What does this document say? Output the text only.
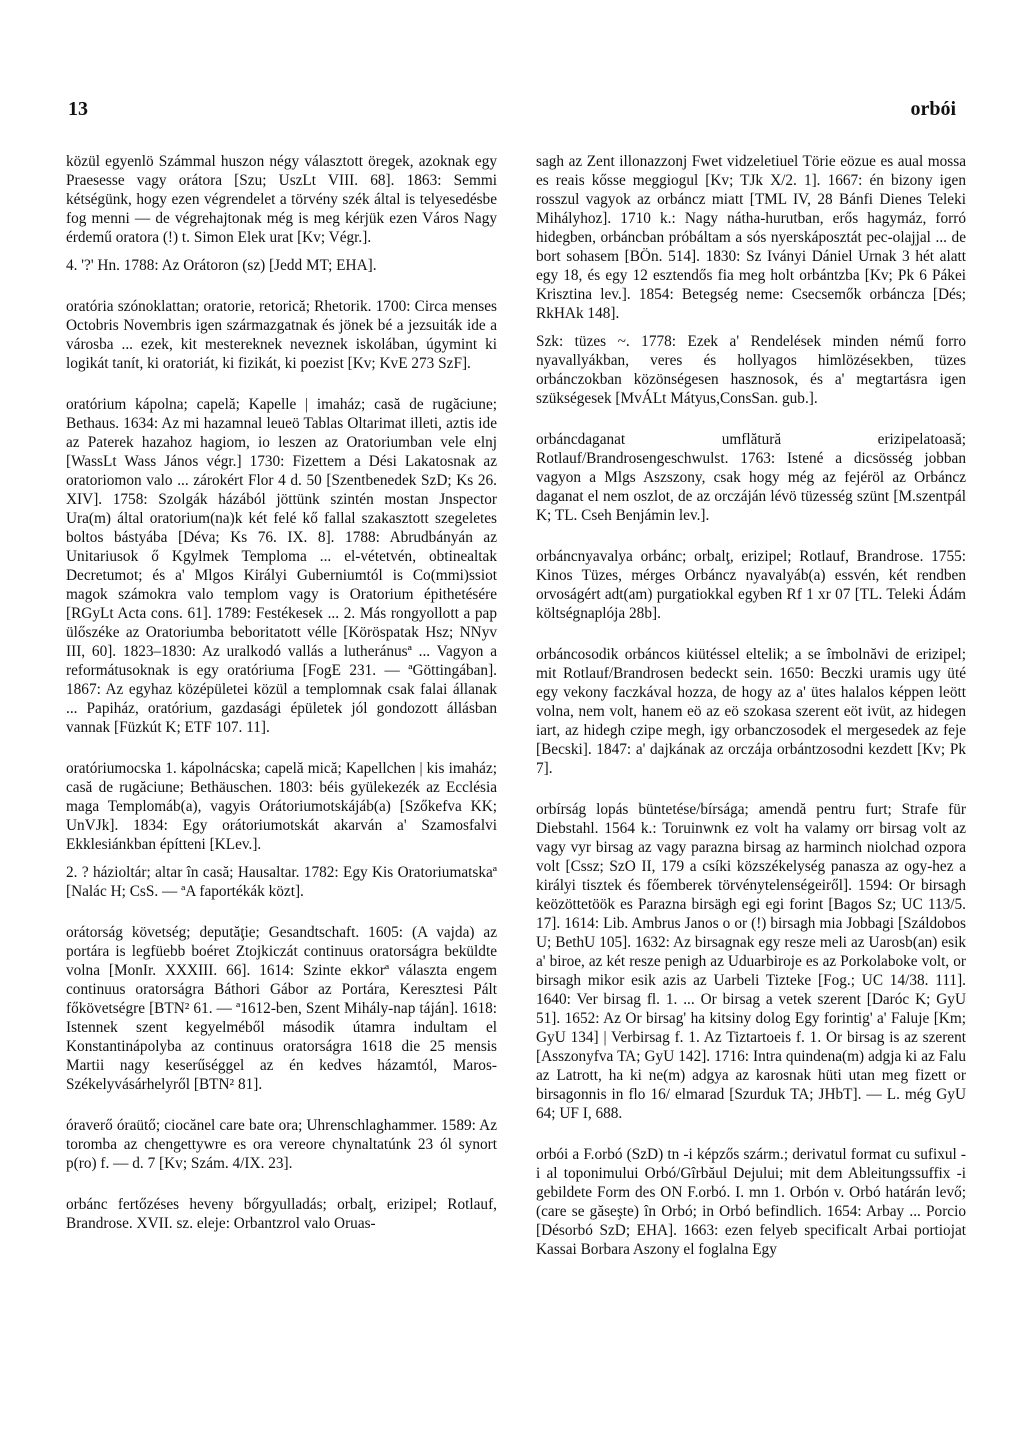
13	orbói

közül egyenlö Számmal huszon négy választott öregek, azoknak egy Praesesse vagy orátora [Szu; UszLt VIII. 68]. 1863: Semmi kétségünk, hogy ezen végrendelet a törvény szék által is telyesedésbe fog menni — de végrehajtonak még is meg kérjük ezen Város Nagy érdemű oratora (!) t. Simon Elek urat [Kv; Végr.].

4. '?' Hn. 1788: Az Orátoron (sz) [Jedd MT; EHA].

oratória szónoklattan; oratorie, retorică; Rhetorik. 1700: Circa menses Octobris Novembris igen származgatnak és jönek bé a jezsuiták ide a városba ... ezek, kit mestereknek neveznek iskolában, úgymint ki logikát tanít, ki oratoriát, ki fizikát, ki poezist [Kv; KvE 273 SzF].

oratórium kápolna; capelă; Kapelle | imaház; casă de rugăciune; Bethaus. 1634: Az mi hazamnal leueö Tablas Oltarimat illeti, aztis ide az Paterek hazahoz hagiom, io leszen az Oratoriumban vele elnj [WassLt Wass János végr.] 1730: Fizettem a Dési Lakatosnak az oratoriomon valo ... zárokért Flor 4 d. 50 [Szentbenedek SzD; Ks 26. XIV]. 1758: Szolgák házából jöttünk szintén mostan Jnspector Ura(m) által oratorium(na)k két felé kő fallal szakasztott szegeletes boltos bástyába [Déva; Ks 76. IX. 8]. 1788: Abrudbányán az Unitariusok ő Kgylmek Temploma ... el-vétetvén, obtinealtak Decretumot; és a' Mlgos Királyi Guberniumtól is Co(mmi)ssiot magok számokra valo templom vagy is Oratorium épithetésére [RGyLt Acta cons. 61]. 1789: Festékesek ... 2. Más rongyollott a pap ülőszéke az Oratoriumba beboritatott vélle [Köröspatak Hsz; NNyv III, 60]. 1823–1830: Az uralkodó vallás a lutheránusª ... Vagyon a reformátusoknak is egy oratóriuma [FogE 231. — ªGöttingában]. 1867: Az egyhaz középületei közül a templomnak csak falai állanak ... Papiház, oratórium, gazdasági épületek jól gondozott állásban vannak [Füzkút K; ETF 107. 11].

oratóriumocska 1. kápolnácska; capelă mică; Kapellchen | kis imaház; casă de rugăciune; Bethäuschen. 1803: béis gyülekezék az Ecclésia maga Templomáb(a), vagyis Orátoriumotskájáb(a) [Szőkefva KK; UnVJk]. 1834: Egy orátoriumotskát akarván a' Szamosfalvi Ekklesiánkban építteni [KLev.].

2. ? házioltár; altar în casă; Hausaltar. 1782: Egy Kis Oratoriumatskaª [Nalác H; CsS. — ªA faportékák közt].

orátorság követség; deputăţie; Gesandtschaft. 1605: (A vajda) az portára is legfüebb boéret Ztojkiczát continuus oratorságra beküldte volna [MonIr. XXXIII. 66]. 1614: Szinte ekkorª választa engem continuus oratorságra Báthori Gábor az Portára, Keresztesi Pált főkövetségre [BTN² 61. — ª1612-ben, Szent Mihály-nap táján]. 1618: Istennek szent kegyelméből második útamra indultam el Konstantinápolyba az continuus oratorságra 1618 die 25 mensis Martii nagy keserűséggel az én kedves házamtól, Maros-Székelyvásárhelyről [BTN² 81].

óraverő óraütő; ciocănel care bate ora; Uhrenschlaghammer. 1589: Az toromba az chengettywre es ora vereore chynaltatúnk 23 ól synort p(ro) f. — d. 7 [Kv; Szám. 4/IX. 23].

orbánc fertőzéses heveny bőrgyulladás; orbalţ, erizipel; Rotlauf, Brandrose. XVII. sz. eleje: Orbantzrol valo Oruas-

sagh az Zent illonazzonj Fwet vidzeletiuel Törie eözue es aual mossa es reais kősse meggiogul [Kv; TJk X/2. 1]. 1667: én bizony igen rosszul vagyok az orbáncz miatt [TML IV, 28 Bánfi Dienes Teleki Mihályhoz]. 1710 k.: Nagy nátha-hurutban, erős hagymáz, forró hidegben, orbáncban próbáltam a sós nyerskáposztát pec-olajjal ... de bort sohasem [BÖn. 514]. 1830: Sz Iványi Dániel Urnak 3 hét alatt egy 18, és egy 12 esztendős fia meg holt orbántzba [Kv; Pk 6 Pákei Krisztina lev.]. 1854: Betegség neme: Csecsemők orbáncza [Dés; RkHAk 148].

Szk: tüzes ~. 1778: Ezek a' Rendelések minden némű forro nyavallyákban, veres és hollyagos himlözésekben, tüzes orbánczokban közönségesen hasznosok, és a' megtartásra igen szükségesek [MvÁLt Mátyus,ConsSan. gub.].

orbáncdaganat umflătură erizipelatoasă; Rotlauf/Brandrosengeschwulst. 1763: Istené a dicsösség jobban vagyon a Mlgs Aszszony, csak hogy még az fejéröl az Orbáncz daganat el nem oszlot, de az orczáján lévö tüzesség szünt [M.szentpál K; TL. Cseh Benjámin lev.].

orbáncnyavalya orbánc; orbalţ, erizipel; Rotlauf, Brandrose. 1755: Kinos Tüzes, mérges Orbáncz nyavalyáb(a) essvén, két rendben orvoságért adt(am) purgatiokkal egyben Rf 1 xr 07 [TL. Teleki Ádám költségnaplója 28b].

orbáncosodik orbáncos kiütéssel eltelik; a se îmbolnăvi de erizipel; mit Rotlauf/Brandrosen bedeckt sein. 1650: Beczki uramis ugy üté egy vekony faczkával hozza, de hogy az a' ütes halalos képpen leött volna, nem volt, hanem eö az eö szokasa szerent eöt ivüt, az hidegen iart, az hidegh czipe megh, igy orbanczosodek el mergesedek az feje [Becski]. 1847: a' dajkának az orczája orbántzosodni kezdett [Kv; Pk 7].

orbírság lopás büntetése/bírsága; amendă pentru furt; Strafe für Diebstahl. 1564 k.: Toruinwnk ez volt ha valamy orr birsag volt az vagy vyr birsag az vagy parazna birsag az harminch niolchad ozpora volt [Cssz; SzO II, 179 a csíki közszékelység panasza az ogy-hez a királyi tisztek és főemberek törvénytelenségeiről]. 1594: Or birsagh keözöttetöök es Parazna birsägh egi egi forint [Bagos Sz; UC 113/5. 17]. 1614: Lib. Ambrus Janos o or (!) birsagh mia Jobbagi [Száldobos U; BethU 105]. 1632: Az birsagnak egy resze meli az Uarosb(an) esik a' biroe, az két resze penigh az Uduarbiroje es az Porkolaboke volt, or birsagh mikor esik azis az Uarbeli Tizteke [Fog.; UC 14/38. 111]. 1640: Ver birsag fl. 1. ... Or birsag a vetek szerent [Daróc K; GyU 51]. 1652: Az Or birsag' ha kitsiny dolog Egy forintig' a' Faluje [Km; GyU 134] | Verbirsag f. 1. Az Tiztartoeis f. 1. Or birsag is az szerent [Asszonyfva TA; GyU 142]. 1716: Intra quindena(m) adgja ki az Falu az Latrott, ha ki ne(m) adgya az karosnak hüti utan meg fizett or birsagonnis in flo 16/ elmarad [Szurduk TA; JHbT]. — L. még GyU 64; UF I, 688.

orbói a F.orbó (SzD) tn -i képzős szárm.; derivatul format cu sufixul -i al toponimului Orbó/Gîrbăul Dejului; mit dem Ableitungssuffix -i gebildete Form des ON F.orbó. I. mn 1. Orbón v. Orbó határán levő; (care se găseşte) în Orbó; in Orbó befindlich. 1654: Arbay ... Porcio [Désorbó SzD; EHA]. 1663: ezen felyeb specificalt Arbai portiojat Kassai Borbara Aszony el foglalna Egy
